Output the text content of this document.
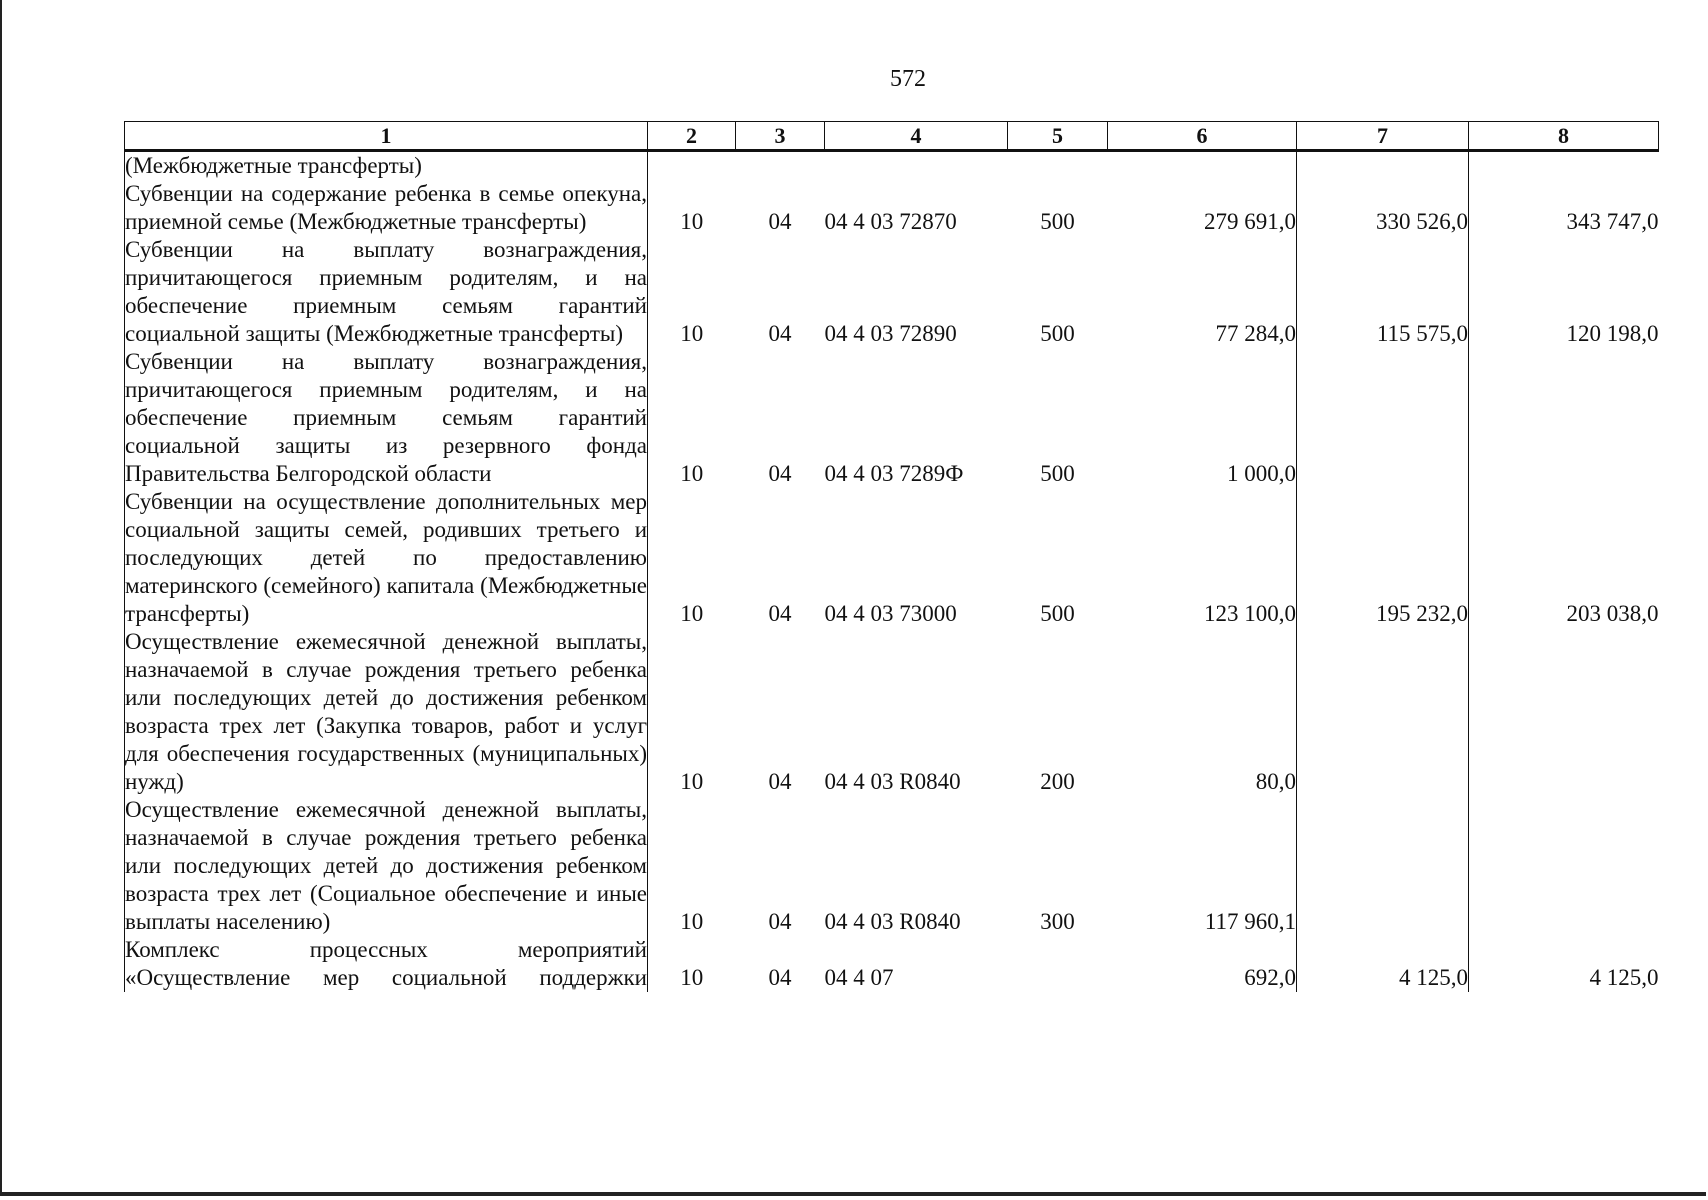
572
1	2	3	4	5	6	7	8
(Межбюджетные трансферты)							
Субвенции на содержание ребенка в семье опекуна, приемной семье (Межбюджетные трансферты)	10	04	04 4 03 72870	500	279 691,0	330 526,0	343 747,0
Субвенции на выплату вознаграждения, причитающегося приемным родителям, и на обеспечение приемным семьям гарантий социальной защиты (Межбюджетные трансферты)	10	04	04 4 03 72890	500	77 284,0	115 575,0	120 198,0
Субвенции на выплату вознаграждения, причитающегося приемным родителям, и на обеспечение приемным семьям гарантий социальной защиты из резервного фонда Правительства Белгородской области	10	04	04 4 03 7289Ф	500	1 000,0		
Субвенции на осуществление дополнительных мер социальной защиты семей, родивших третьего и последующих детей по предоставлению материнского (семейного) капитала (Межбюджетные трансферты)	10	04	04 4 03 73000	500	123 100,0	195 232,0	203 038,0
Осуществление ежемесячной денежной выплаты, назначаемой в случае рождения третьего ребенка или последующих детей до достижения ребенком возраста трех лет (Закупка товаров, работ и услуг для обеспечения государственных (муниципальных) нужд)	10	04	04 4 03 R0840	200	80,0		
Осуществление ежемесячной денежной выплаты, назначаемой в случае рождения третьего ребенка или последующих детей до достижения ребенком возраста трех лет (Социальное обеспечение и иные выплаты населению)	10	04	04 4 03 R0840	300	117 960,1		
Комплекс процессных мероприятий «Осуществление мер социальной поддержки	10	04	04 4 07		692,0	4 125,0	4 125,0
